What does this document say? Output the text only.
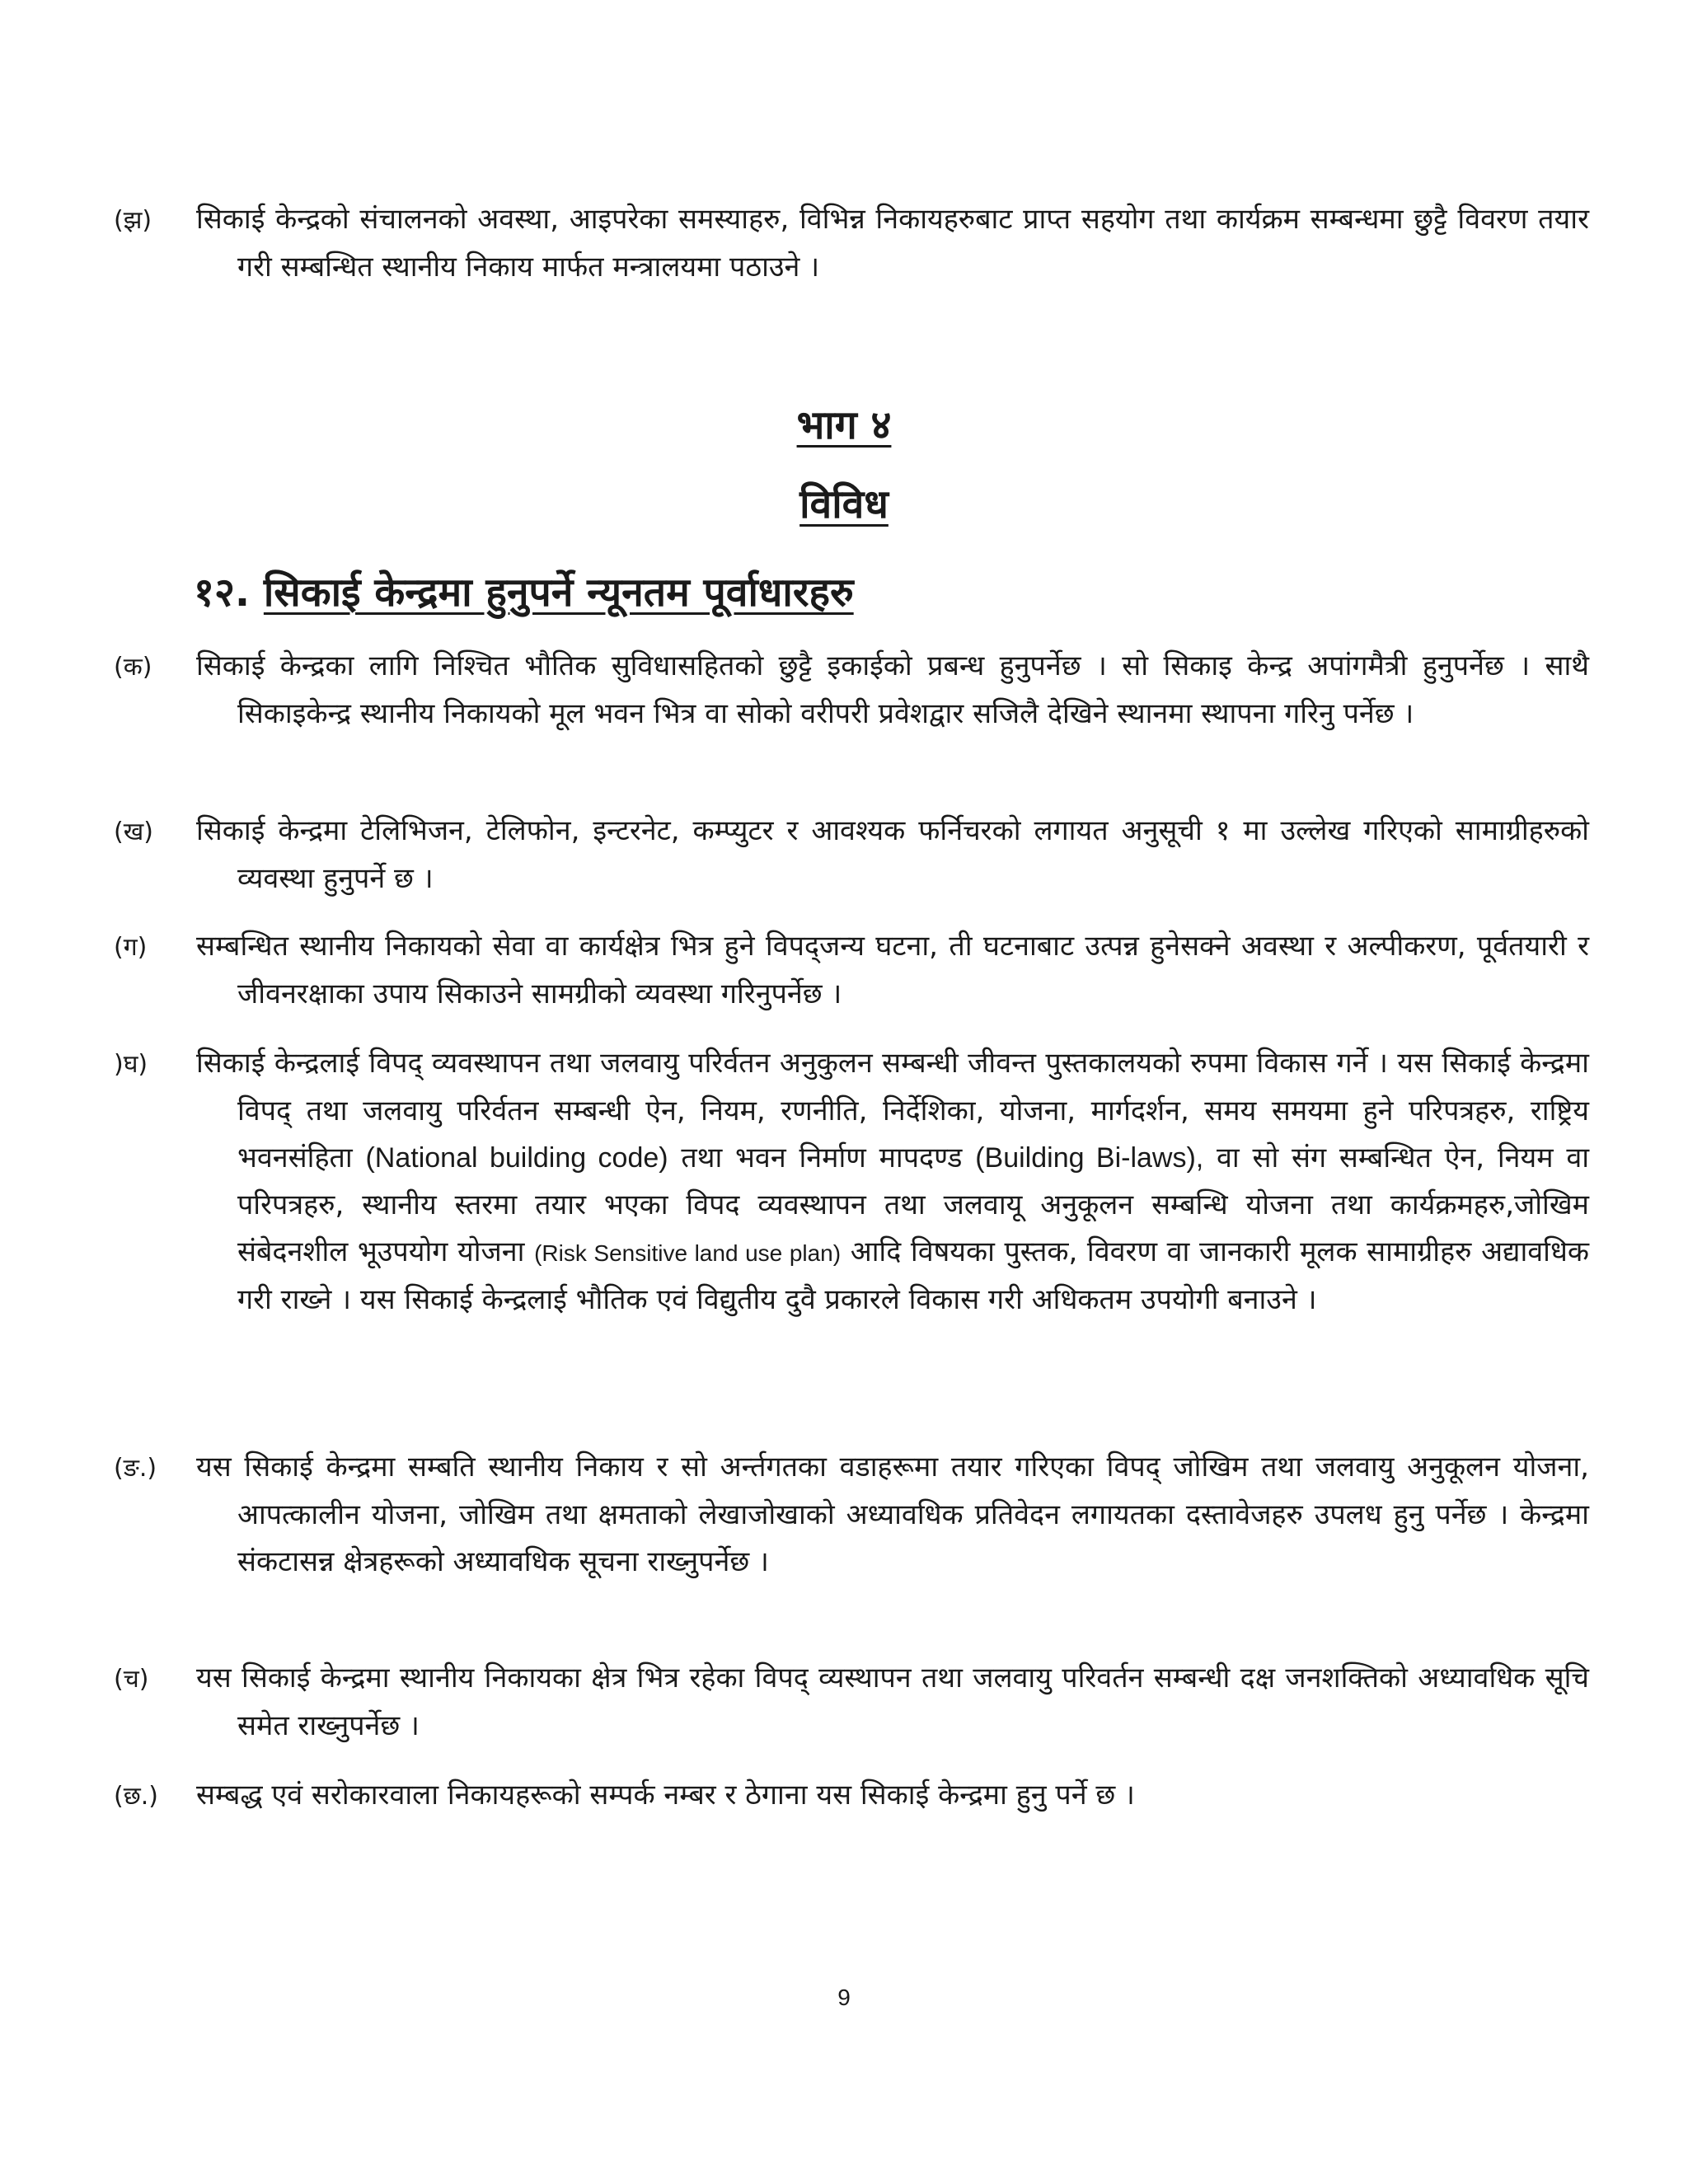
(झ) सिकाई केन्द्रको संचालनको अवस्था, आइपरेका समस्याहरु, विभिन्न निकायहरुबाट प्राप्त सहयोग तथा कार्यक्रम सम्बन्धमा छुट्टै विवरण तयार गरी सम्बन्धित स्थानीय निकाय मार्फत मन्त्रालयमा पठाउने ।
भाग ४
विविध
१२. सिकाई केन्द्रमा हुनुपर्ने न्यूनतम पूर्वाधारहरु
(क) सिकाई केन्द्रका लागि निश्चित भौतिक सुविधासहितको छुट्टै इकाईको प्रबन्ध हुनुपर्नेछ । सो सिकाइ केन्द्र अपांगमैत्री हुनुपर्नेछ । साथै सिकाइकेन्द्र स्थानीय निकायको मूल भवन भित्र वा सोको वरीपरी प्रवेशद्वार सजिलै देखिने स्थानमा स्थापना गरिनु पर्नेछ ।
(ख) सिकाई केन्द्रमा टेलिभिजन, टेलिफोन, इन्टरनेट, कम्प्युटर र आवश्यक फर्निचरको लगायत अनुसूची १ मा उल्लेख गरिएको सामाग्रीहरुको व्यवस्था हुनुपर्ने छ ।
(ग) सम्बन्धित स्थानीय निकायको सेवा वा कार्यक्षेत्र भित्र हुने विपद्जन्य घटना, ती घटनाबाट उत्पन्न हुनेसक्ने अवस्था र अल्पीकरण, पूर्वतयारी र जीवनरक्षाका उपाय सिकाउने सामग्रीको व्यवस्था गरिनुपर्नेछ ।
)घ) सिकाई केन्द्रलाई विपद् व्यवस्थापन तथा जलवायु परिर्वतन अनुकुलन सम्बन्धी जीवन्त पुस्तकालयको रुपमा विकास गर्ने । यस सिकाई केन्द्रमा विपद् तथा जलवायु परिर्वतन सम्बन्धी ऐन, नियम, रणनीति, निर्देशिका, योजना, मार्गदर्शन, समय समयमा हुने परिपत्रहरु, राष्ट्रिय भवनसंहिता (National building code) तथा भवन निर्माण मापदण्ड (Building Bi-laws), वा सो संग सम्बन्धित ऐन, नियम वा परिपत्रहरु, स्थानीय स्तरमा तयार भएका विपद व्यवस्थापन तथा जलवायू अनुकूलन सम्बन्धि योजना तथा कार्यक्रमहरु,जोखिम संबेदनशील भूउपयोग योजना (Risk Sensitive land use plan) आदि विषयका पुस्तक, विवरण वा जानकारी मूलक सामाग्रीहरु अद्यावधिक गरी राख्ने । यस सिकाई केन्द्रलाई भौतिक एवं विद्युतीय दुवै प्रकारले विकास गरी अधिकतम उपयोगी बनाउने ।
(ङ.) यस सिकाई केन्द्रमा सम्बति स्थानीय निकाय र सो अर्न्तगतका वडाहरूमा तयार गरिएका विपद् जोखिम तथा जलवायु अनुकूलन योजना, आपत्कालीन योजना, जोखिम तथा क्षमताको लेखाजोखाको अध्यावधिक प्रतिवेदन लगायतका दस्तावेजहरु उपलध हुनु पर्नेछ । केन्द्रमा संकटासन्न क्षेत्रहरूको अध्यावधिक सूचना राख्नुपर्नेछ ।
(च) यस सिकाई केन्द्रमा स्थानीय निकायका क्षेत्र भित्र रहेका विपद् व्यस्थापन तथा जलवायु परिवर्तन सम्बन्धी दक्ष जनशक्तिको अध्यावधिक सूचि समेत राख्नुपर्नेछ ।
(छ.) सम्बद्ध एवं सरोकारवाला निकायहरूको सम्पर्क नम्बर र ठेगाना यस सिकाई केन्द्रमा हुनु पर्ने छ ।
9
